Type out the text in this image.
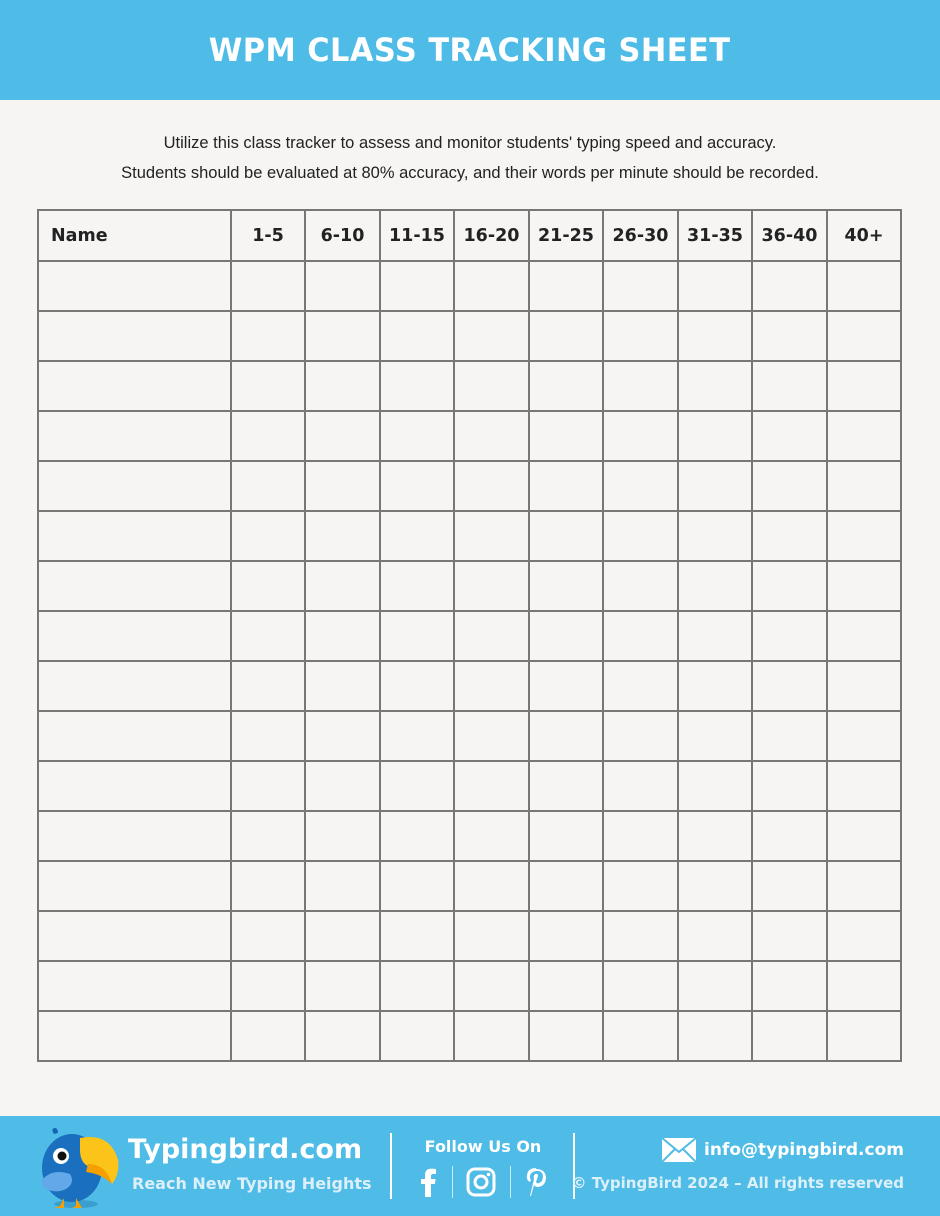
WPM CLASS TRACKING SHEET
Utilize this class tracker to assess and monitor students' typing speed and accuracy.
Students should be evaluated at 80% accuracy, and their words per minute should be recorded.
Name	1-5	6-10	11-15	16-20	21-25	26-30	31-35	36-40	40+

Typingbird.com
Reach New Typing Heights
Follow Us On	info@typingbird.com
© TypingBird 2024 – All rights reserved
